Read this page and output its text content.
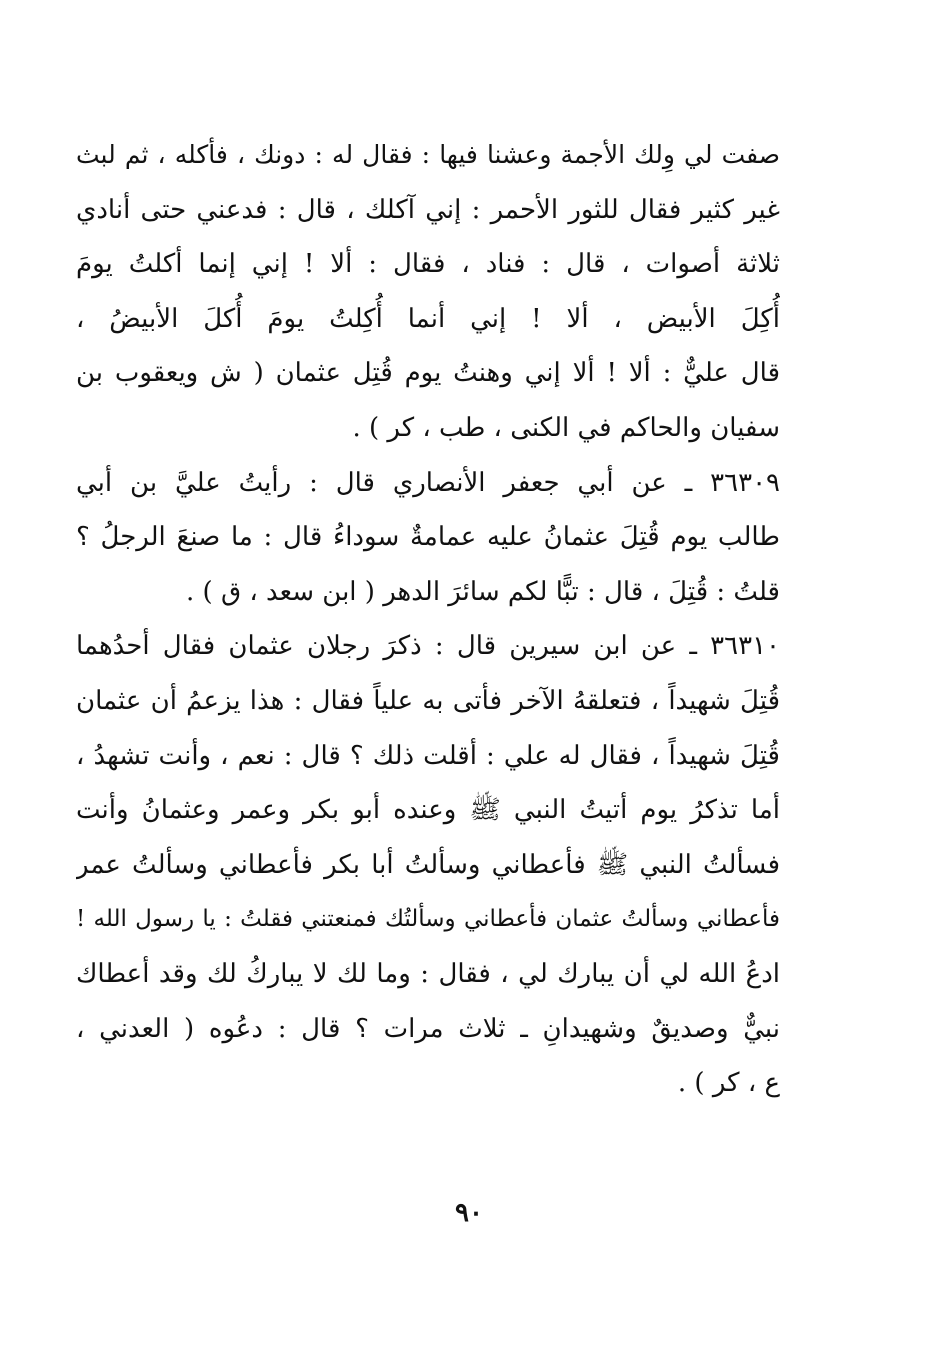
صفت لي وِلك الأجمة وعشنا فيها : فقال له : دونك ، فأكله ، ثم لبث
غير كثير فقال للثور الأحمر : إني آكلك ، قال : فدعني حتى أنادي
ثلاثة أصوات ، قال : فناد ، فقال : ألا ! إني إنما أكلتُ يومَ
أُكِلَ الأبيض ، ألا ! إني أنما أُكِلتُ يومَ أُكلَ الأبيضُ ،
قال عليٌّ : ألا ! ألا إني وهنتُ يوم قُتِل عثمان ( ش ويعقوب بن
سفيان والحاكم في الكنى ، طب ، كر ) .
٣٦٣٠٩ ـ عن أبي جعفر الأنصاري قال : رأيتُ عليَّ بن أبي
طالب يوم قُتِلَ عثمانُ عليه عمامةٌ سوداءُ قال : ما صنعَ الرجلُ ؟
قلتُ : قُتِلَ ، قال : تبًّا لكم سائرَ الدهر ( ابن سعد ، ق ) .
٣٦٣١٠ ـ عن ابن سيرين قال : ذكرَ رجلان عثمان فقال أحدُهما
قُتِلَ شهيداً ، فتعلقهُ الآخر فأتى به علياً فقال : هذا يزعمُ أن عثمان
قُتِلَ شهيداً ، فقال له علي : أقلت ذلك ؟ قال : نعم ، وأنت تشهدُ ،
أما تذكرُ يوم أتيتُ النبي ﷺ وعنده أبو بكر وعمر وعثمانُ وأنت
فسألتُ النبي ﷺ فأعطاني وسألتُ أبا بكر فأعطاني وسألتُ عمر
فأعطاني وسألتُ عثمان فأعطاني وسألتُك فمنعتني فقلتُ : يا رسول الله !
ادعُ الله لي أن يبارك لي ، فقال : وما لك لا يباركُ لك وقد أعطاك
نبيٌّ وصديقٌ وشهيدانِ ـ ثلاث مرات ؟ قال : دعُوه ( العدني ،
ع ، كر ) .
٩٠
